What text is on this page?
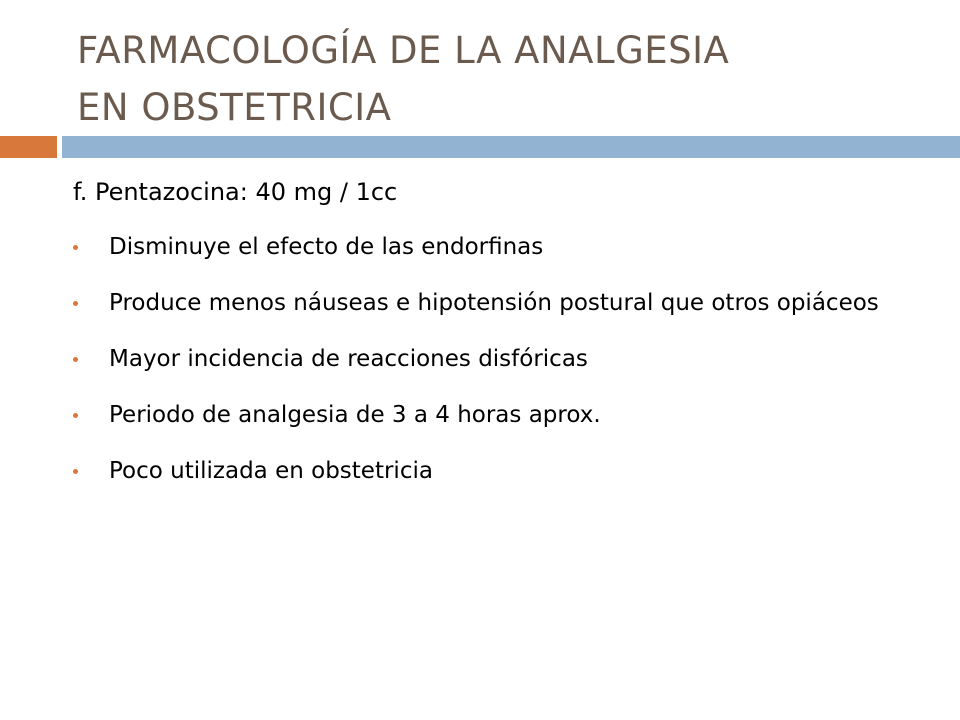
FARMACOLOGÍA DE LA ANALGESIA
EN OBSTETRICIA

f. Pentazocina: 40 mg / 1cc

Disminuye el efecto de las endorfinas
Produce menos náuseas e hipotensión postural que otros opiáceos
Mayor incidencia de reacciones disfóricas
Periodo de analgesia de 3 a 4 horas aprox.
Poco utilizada en obstetricia
